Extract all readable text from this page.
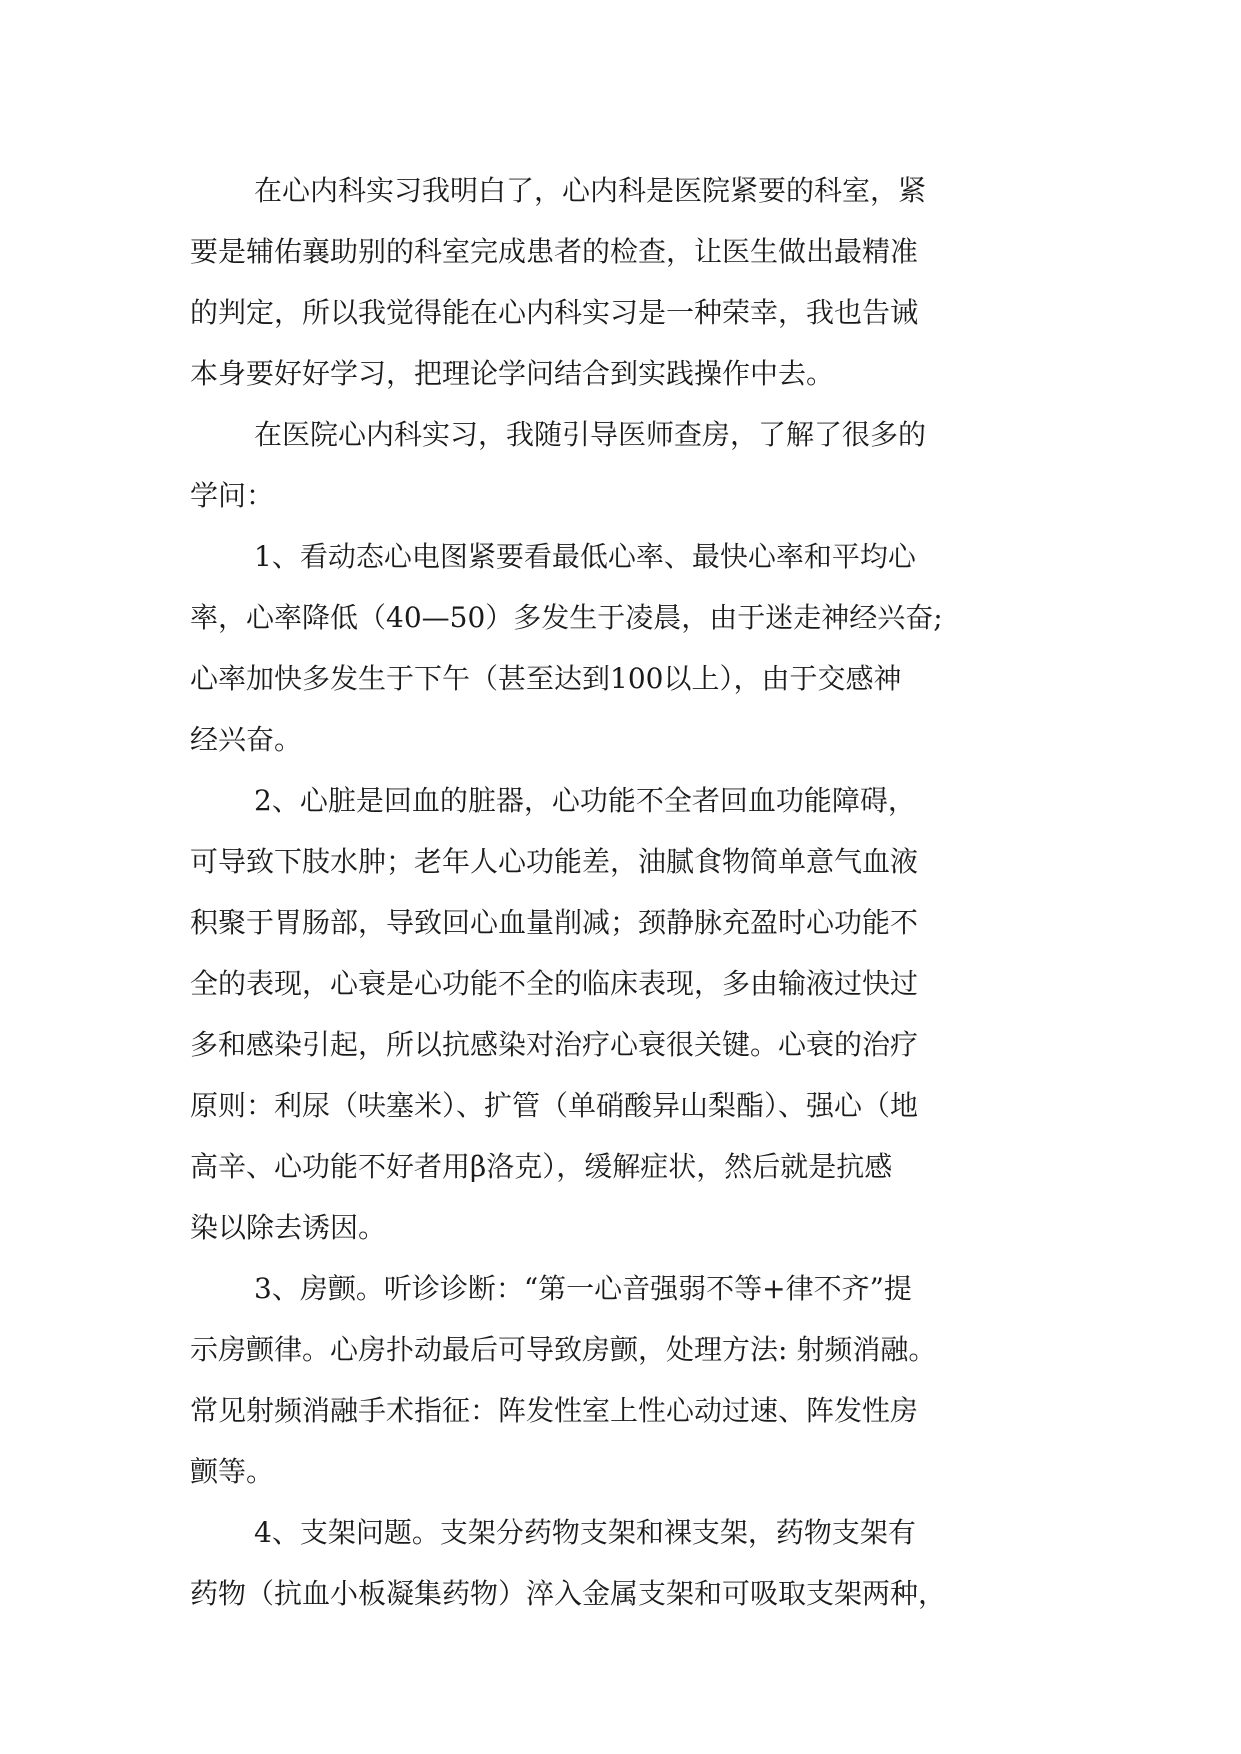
在心内科实习我明白了，心内科是医院紧要的科室，紧
要是辅佑襄助别的科室完成患者的检查，让医生做出最精准
的判定，所以我觉得能在心内科实习是一种荣幸，我也告诫
本身要好好学习，把理论学问结合到实践操作中去。
在医院心内科实习，我随引导医师查房，了解了很多的
学问：
1、看动态心电图紧要看最低心率、最快心率和平均心
率，心率降低（40—50）多发生于凌晨，由于迷走神经兴奋;
心率加快多发生于下午（甚至达到100以上），由于交感神
经兴奋。
2、心脏是回血的脏器，心功能不全者回血功能障碍，
可导致下肢水肿；老年人心功能差，油腻食物简单意气血液
积聚于胃肠部，导致回心血量削减；颈静脉充盈时心功能不
全的表现，心衰是心功能不全的临床表现，多由输液过快过
多和感染引起，所以抗感染对治疗心衰很关键。心衰的治疗
原则：利尿（呋塞米）、扩管（单硝酸异山梨酯）、强心（地
高辛、心功能不好者用β洛克），缓解症状，然后就是抗感
染以除去诱因。
3、房颤。听诊诊断：“第一心音强弱不等+律不齐”提
示房颤律。心房扑动最后可导致房颤，处理方法: 射频消融。
常见射频消融手术指征：阵发性室上性心动过速、阵发性房
颤等。
4、支架问题。支架分药物支架和裸支架，药物支架有
药物（抗血小板凝集药物）淬入金属支架和可吸取支架两种，
